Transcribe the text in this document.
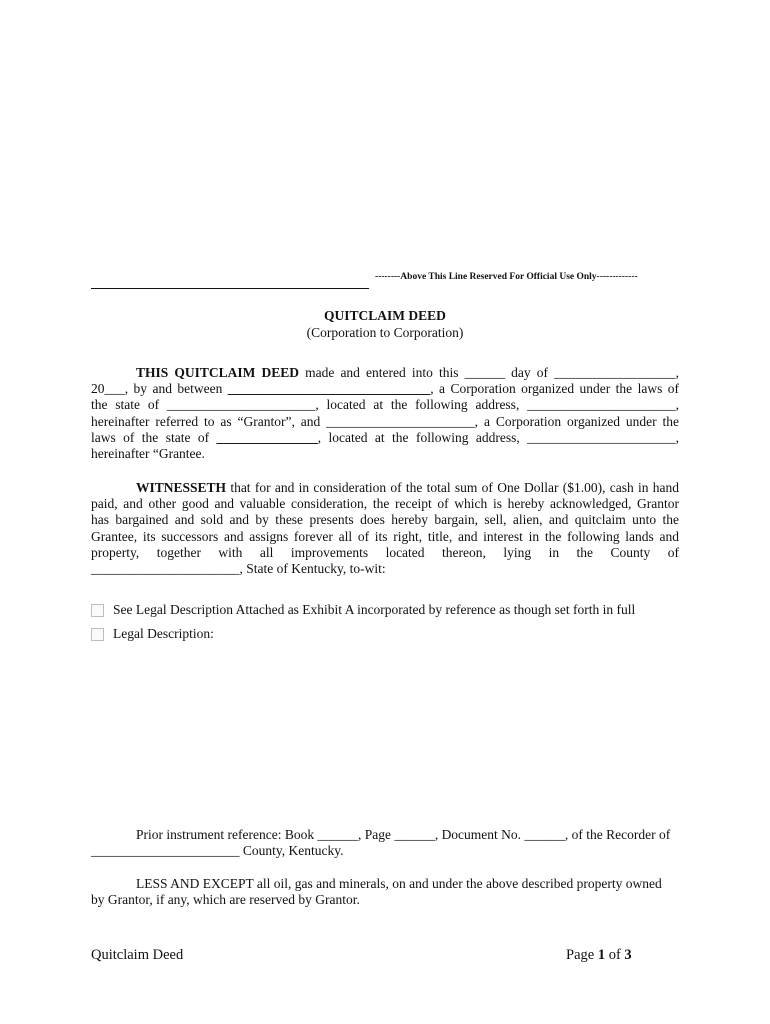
--------Above This Line Reserved For Official Use Only-------------
QUITCLAIM DEED
(Corporation to Corporation)
THIS QUITCLAIM DEED made and entered into this ______ day of __________________,
20___, by and between ______________________________, a Corporation organized under the laws of
the state of ______________________, located at the following address, ______________________,
hereinafter referred to as “Grantor”, and ______________________, a Corporation organized under the
laws of the state of _______________, located at the following address, ______________________,
hereinafter “Grantee.
WITNESSETH that for and in consideration of the total sum of One Dollar ($1.00), cash in hand
paid, and other good and valuable consideration, the receipt of which is hereby acknowledged, Grantor
has bargained and sold and by these presents does hereby bargain, sell, alien, and quitclaim unto the
Grantee, its successors and assigns forever all of its right, title, and interest in the following lands and
property, together with all improvements located thereon, lying in the County of
______________________, State of Kentucky, to-wit:
See Legal Description Attached as Exhibit A incorporated by reference as though set forth in full
Legal Description:
Prior instrument reference: Book ______, Page ______, Document No. ______, of the Recorder of
______________________ County, Kentucky.
LESS AND EXCEPT all oil, gas and minerals, on and under the above described property owned
by Grantor, if any, which are reserved by Grantor.
Quitclaim Deed	Page 1 of 3
